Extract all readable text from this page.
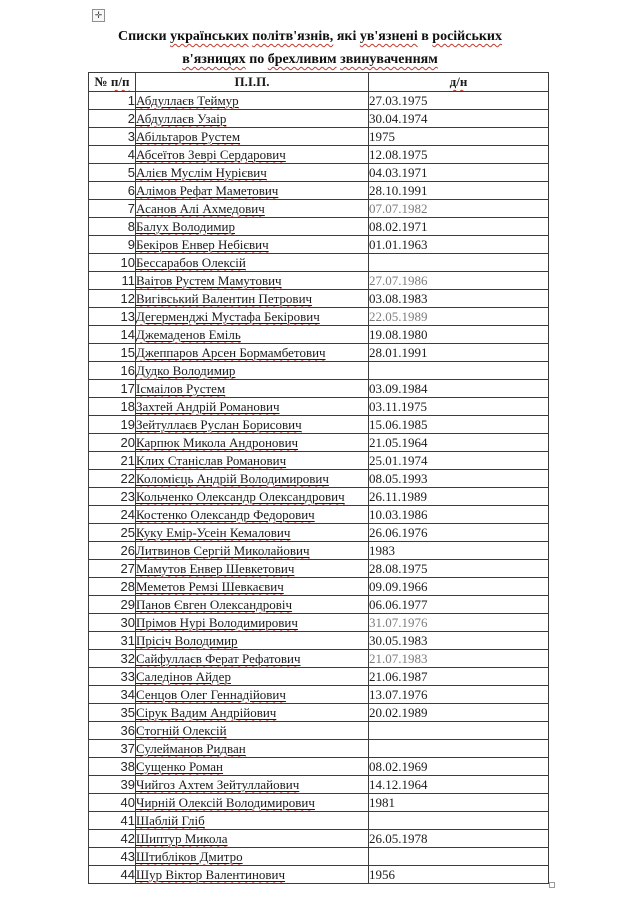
✛
Списки українських політв'язнів, які ув'язнені в російських
в'язницях по брехливим звинуваченням
№ п/п	П.І.П.	д/н
1	Абдуллаєв Теймур	27.03.1975
2	Абдуллаєв Узаір	30.04.1974
3	Абільтаров Рустем	1975
4	Абсеїтов Зеврі Сердарович	12.08.1975
5	Алієв Муслім Нурієвич	04.03.1971
6	Алімов Рефат Маметович	28.10.1991
7	Асанов Алі Ахмедович	07.07.1982
8	Балух Володимир	08.02.1971
9	Бекіров Енвер Небієвич	01.01.1963
10	Бессарабов Олексій	
11	Ваітов Рустем Мамутович	27.07.1986
12	Вигівський Валентин Петрович	03.08.1983
13	Дегерменджі Мустафа Бекірович	22.05.1989
14	Джемаденов Еміль	19.08.1980
15	Джеппаров Арсен Бормамбетович	28.01.1991
16	Дудко Володимир	
17	Ісмаілов Рустем	03.09.1984
18	Захтей Андрій Романович	03.11.1975
19	Зейтуллаєв Руслан Борисович	15.06.1985
20	Карпюк Микола Андронович	21.05.1964
21	Клих Станіслав Романович	25.01.1974
22	Коломієць Андрій Володимирович	08.05.1993
23	Кольченко Олександр Олександрович	26.11.1989
24	Костенко Олександр Федорович	10.03.1986
25	Куку Емір-Усеін Кемалович	26.06.1976
26	Литвинов Сергій Миколайович	1983
27	Мамутов Енвер Шевкетович	28.08.1975
28	Меметов Ремзі Шевкаєвич	09.09.1966
29	Панов Євген Олександровіч	06.06.1977
30	Прімов Нурі Володимирович	31.07.1976
31	Прісіч Володимир	30.05.1983
32	Сайфуллаєв Ферат Рефатович	21.07.1983
33	Саледінов Айдер	21.06.1987
34	Сенцов Олег Геннадійович	13.07.1976
35	Сірук Вадим Андрійович	20.02.1989
36	Стогній Олексій	
37	Сулейманов Ридван	
38	Сущенко Роман	08.02.1969
39	Чийгоз Ахтем Зейтуллайович	14.12.1964
40	Чирній Олексій Володимирович	1981
41	Шаблій Гліб	
42	Шиптур Микола	26.05.1978
43	Штибліков Дмитро	
44	Шур Віктор Валентинович	1956
